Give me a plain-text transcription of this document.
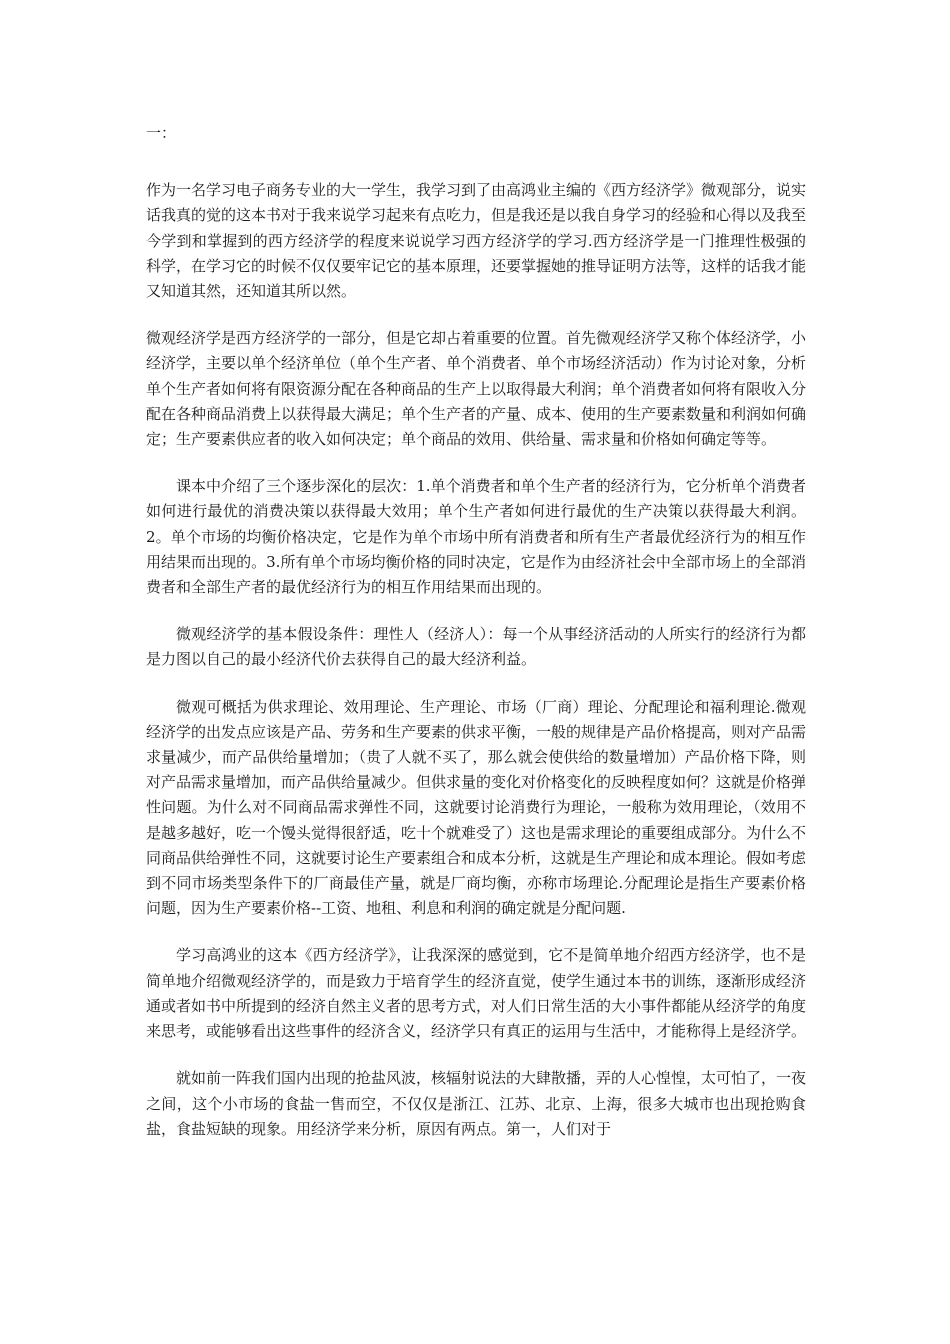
一：

作为一名学习电子商务专业的大一学生，我学习到了由高鸿业主编的《西方经济学》微观部分，说实话我真的觉的这本书对于我来说学习起来有点吃力，但是我还是以我自身学习的经验和心得以及我至今学到和掌握到的西方经济学的程度来说说学习西方经济学的学习.西方经济学是一门推理性极强的科学，在学习它的时候不仅仅要牢记它的基本原理，还要掌握她的推导证明方法等，这样的话我才能又知道其然，还知道其所以然。

微观经济学是西方经济学的一部分，但是它却占着重要的位置。首先微观经济学又称个体经济学，小经济学，主要以单个经济单位（单个生产者、单个消费者、单个市场经济活动）作为讨论对象，分析单个生产者如何将有限资源分配在各种商品的生产上以取得最大利润；单个消费者如何将有限收入分配在各种商品消费上以获得最大满足；单个生产者的产量、成本、使用的生产要素数量和利润如何确定；生产要素供应者的收入如何决定；单个商品的效用、供给量、需求量和价格如何确定等等。

课本中介绍了三个逐步深化的层次：1.单个消费者和单个生产者的经济行为，它分析单个消费者如何进行最优的消费决策以获得最大效用；单个生产者如何进行最优的生产决策以获得最大利润。2。单个市场的均衡价格决定，它是作为单个市场中所有消费者和所有生产者最优经济行为的相互作用结果而出现的。3.所有单个市场均衡价格的同时决定，它是作为由经济社会中全部市场上的全部消费者和全部生产者的最优经济行为的相互作用结果而出现的。

微观经济学的基本假设条件：理性人（经济人）：每一个从事经济活动的人所实行的经济行为都是力图以自己的最小经济代价去获得自己的最大经济利益。

微观可概括为供求理论、效用理论、生产理论、市场（厂商）理论、分配理论和福利理论.微观经济学的出发点应该是产品、劳务和生产要素的供求平衡，一般的规律是产品价格提高，则对产品需求量减少，而产品供给量增加；（贵了人就不买了，那么就会使供给的数量增加）产品价格下降，则对产品需求量增加，而产品供给量减少。但供求量的变化对价格变化的反映程度如何？这就是价格弹性问题。为什么对不同商品需求弹性不同，这就要讨论消费行为理论，一般称为效用理论，（效用不是越多越好，吃一个馒头觉得很舒适，吃十个就难受了）这也是需求理论的重要组成部分。为什么不同商品供给弹性不同，这就要讨论生产要素组合和成本分析，这就是生产理论和成本理论。假如考虑到不同市场类型条件下的厂商最佳产量，就是厂商均衡，亦称市场理论.分配理论是指生产要素价格问题，因为生产要素价格--工资、地租、利息和利润的确定就是分配问题.

学习高鸿业的这本《西方经济学》，让我深深的感觉到，它不是简单地介绍西方经济学，也不是简单地介绍微观经济学的，而是致力于培育学生的经济直觉，使学生通过本书的训练，逐渐形成经济通或者如书中所提到的经济自然主义者的思考方式，对人们日常生活的大小事件都能从经济学的角度来思考，或能够看出这些事件的经济含义，经济学只有真正的运用与生活中，才能称得上是经济学。

就如前一阵我们国内出现的抢盐风波，核辐射说法的大肆散播，弄的人心惶惶，太可怕了，一夜之间，这个小市场的食盐一售而空，不仅仅是浙江、江苏、北京、上海，很多大城市也出现抢购食盐，食盐短缺的现象。用经济学来分析，原因有两点。第一，人们对于
